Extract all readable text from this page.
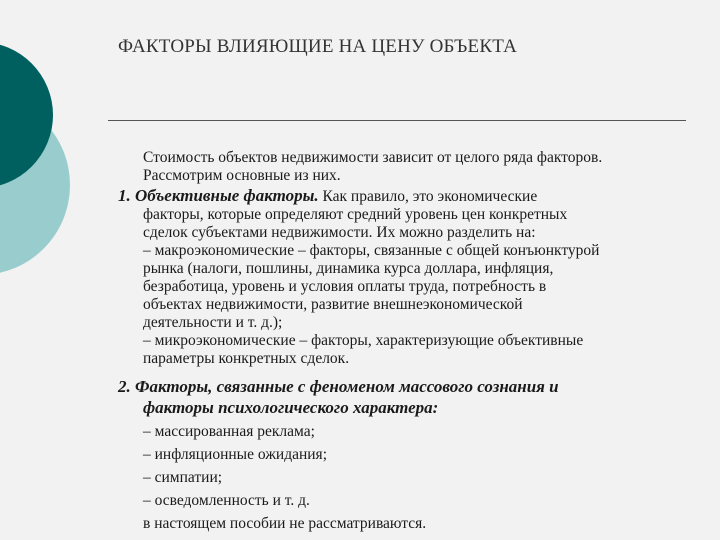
ФАКТОРЫ ВЛИЯЮЩИЕ НА ЦЕНУ ОБЪЕКТА

Стоимость объектов недвижимости зависит от целого ряда факторов.
Рассмотрим основные из них.

1. Объективные факторы. Как правило, это экономические
факторы, которые определяют средний уровень цен конкретных
сделок субъектами недвижимости. Их можно разделить на:
– макроэкономические – факторы, связанные с общей конъюнктурой
рынка (налоги, пошлины, динамика курса доллара, инфляция,
безработица, уровень и условия оплаты труда, потребность в
объектах недвижимости, развитие внешнеэкономической
деятельности и т. д.);
– микроэкономические – факторы, характеризующие объективные
параметры конкретных сделок.

2. Факторы, связанные с феноменом массового сознания и
факторы психологического характера:

– массированная реклама;
– инфляционные ожидания;
– симпатии;
– осведомленность и т. д.
в настоящем пособии не рассматриваются.
